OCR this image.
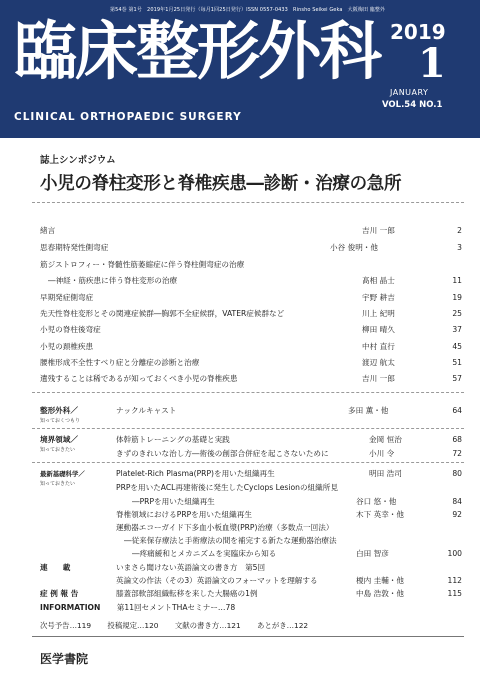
第54巻 第1号　2019年1月25日発行（毎月1回25日発行）ISSN 0557-0433　Rinsho Seikei Geka　大阪梅田 臨整外
臨床整形外科
CLINICAL ORTHOPAEDIC SURGERY
2019
1
JANUARY
VOL.54 NO.1
誌上シンポジウム
小児の脊柱変形と脊椎疾患―診断・治療の急所
緒言	吉川 一郎	2
思春期特発性側弯症	小谷 俊明・他	3
筋ジストロフィー・脊髄性筋萎縮症に伴う脊柱側弯症の治療
―神経・筋疾患に伴う脊柱変形の治療	髙相 晶士	11
早期発症側弯症	宇野 耕吉	19
先天性脊柱変形とその関連症候群―胸郭不全症候群，VATER症候群など	川上 紀明	25
小児の脊柱後弯症	柳田 晴久	37
小児の頚椎疾患	中村 直行	45
腰椎形成不全性すべり症と分離症の診断と治療	渡辺 航太	51
遺残することは稀であるが知っておくべき小児の脊椎疾患	吉川 一郎	57
整形外科／
知っておくつもり
ナックルキャスト	多田 薫・他	64
境界領域／
知っておきたい
体幹筋トレーニングの基礎と実践	金岡 恒治	68
きずのきれいな治し方―術後の創部合併症を起こさないために	小川 令	72
最新基礎科学／
知っておきたい
Platelet-Rich Plasma(PRP)を用いた組織再生	明田 浩司	80
PRPを用いたACL再建術後に発生したCyclops Lesionの組織所見
―PRPを用いた組織再生	谷口 悠・他	84
脊椎領域におけるPRPを用いた組織再生	木下 英幸・他	92
運動器エコーガイド下多血小板血漿(PRP)治療（多数点一回法）
―従来保存療法と手術療法の間を補完する新たな運動器治療法
―疼痛緩和とメカニズムを実臨床から知る	白田 智彦	100
連　　載	いまさら聞けない英語論文の書き方　第5回
英論文の作法（その3）英語論文のフォーマットを理解する	榎内 圭輔・他	112
症 例 報 告	膝蓋部軟部組織転移を来した大腸癌の1例	中島 浩敦・他	115
INFORMATION 第11回セメントTHAセミナー…78
次号予告…119 投稿規定…120 文献の書き方…121 あとがき…122
医学書院
